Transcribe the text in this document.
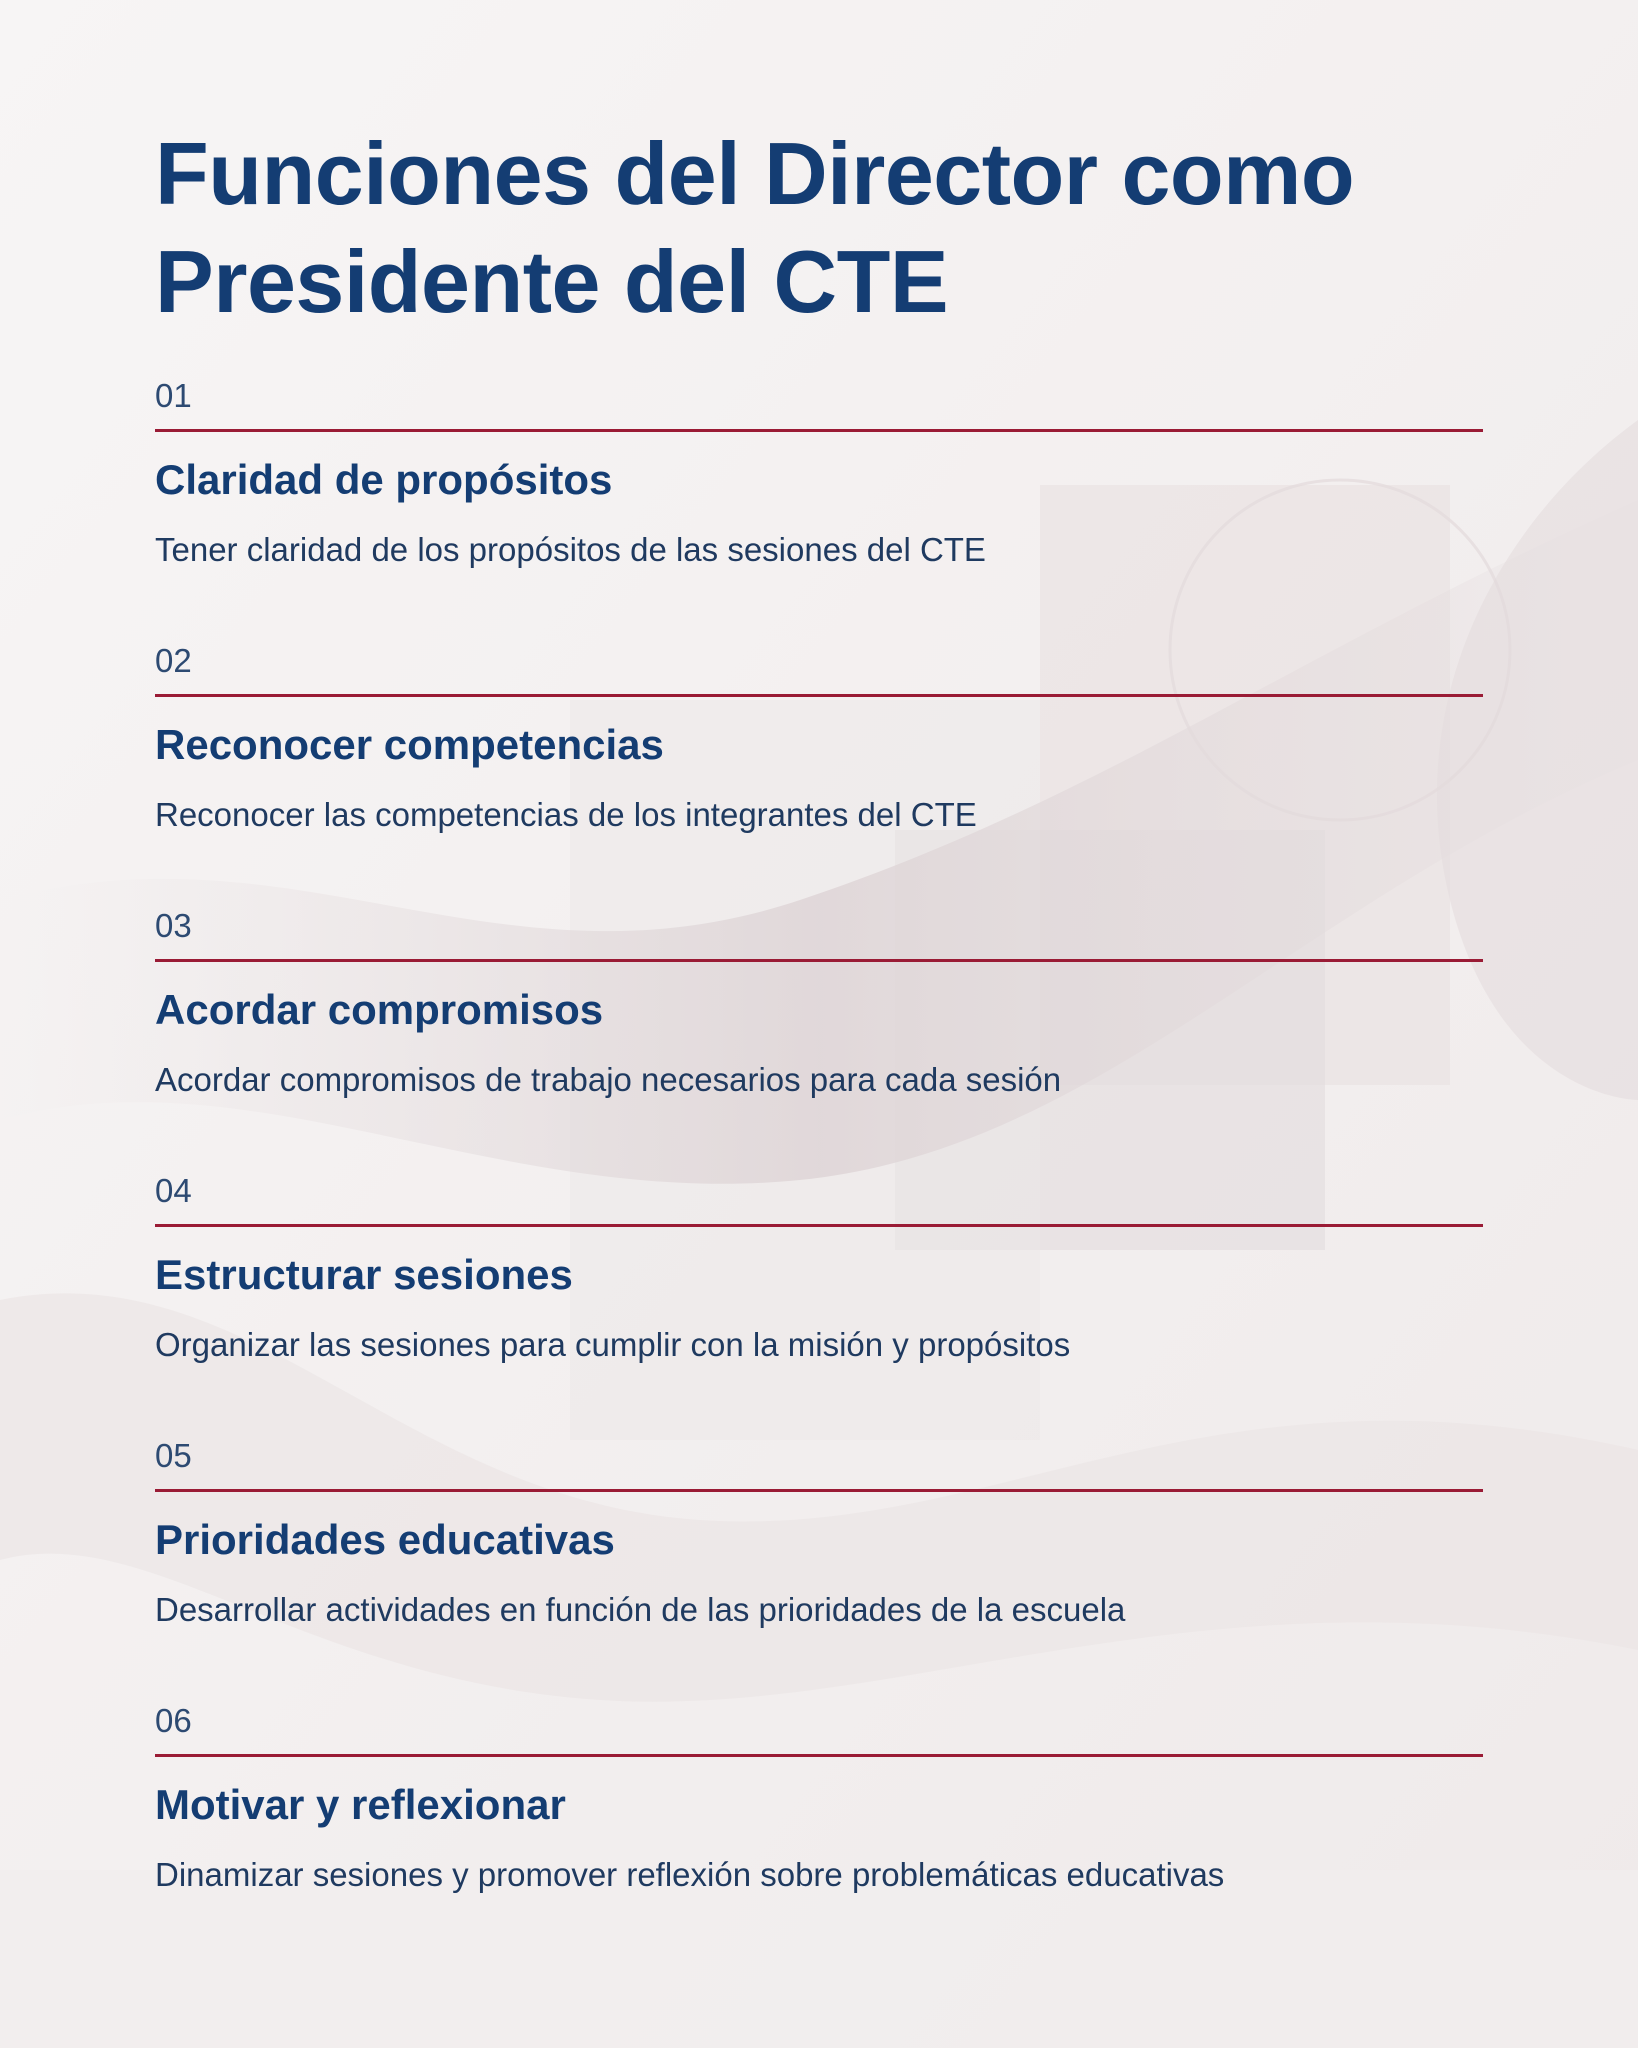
Funciones del Director como
Presidente del CTE
01
Claridad de propósitos

Tener claridad de los propósitos de las sesiones del CTE

02
Reconocer competencias

Reconocer las competencias de los integrantes del CTE

03
Acordar compromisos

Acordar compromisos de trabajo necesarios para cada sesión

04
Estructurar sesiones

Organizar las sesiones para cumplir con la misión y propósitos

05
Prioridades educativas

Desarrollar actividades en función de las prioridades de la escuela

06
Motivar y reflexionar

Dinamizar sesiones y promover reflexión sobre problemáticas educativas
